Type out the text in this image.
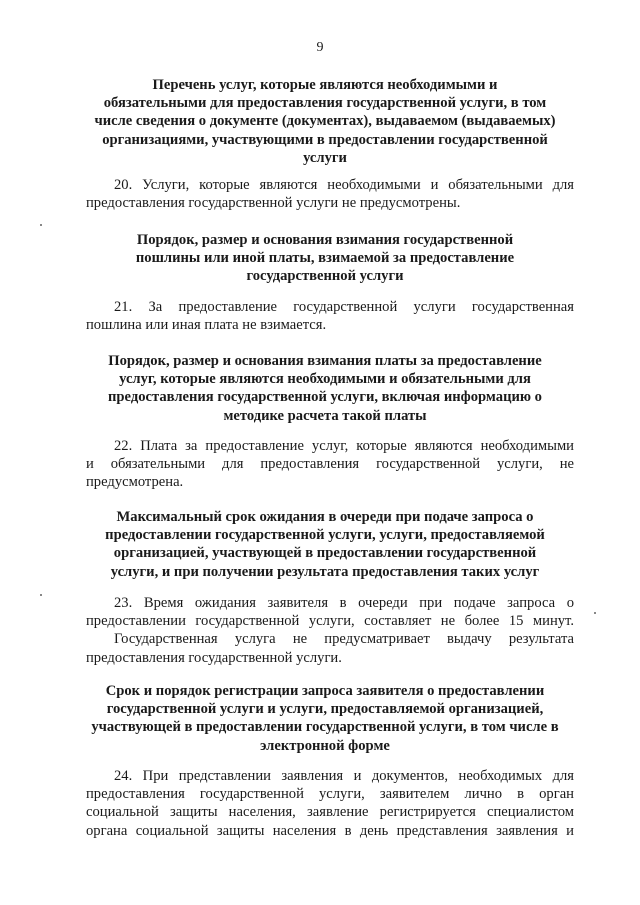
9
Перечень услуг, которые являются необходимыми и
обязательными для предоставления государственной услуги, в том
числе сведения о документе (документах), выдаваемом (выдаваемых)
организациями, участвующими в предоставлении государственной
услуги
20. Услуги, которые являются необходимыми и обязательными для
предоставления государственной услуги не предусмотрены.
Порядок, размер и основания взимания государственной
пошлины или иной платы, взимаемой за предоставление
государственной услуги
21. За предоставление государственной услуги государственная
пошлина или иная плата не взимается.
Порядок, размер и основания взимания платы за предоставление
услуг, которые являются необходимыми и обязательными для
предоставления государственной услуги, включая информацию о
методике расчета такой платы
22. Плата за предоставление услуг, которые являются необходимыми
и обязательными для предоставления государственной услуги, не
предусмотрена.
Максимальный срок ожидания в очереди при подаче запроса о
предоставлении государственной услуги, услуги, предоставляемой
организацией, участвующей в предоставлении государственной
услуги, и при получении результата предоставления таких услуг
23. Время ожидания заявителя в очереди при подаче запроса о
предоставлении государственной услуги, составляет не более 15 минут.
Государственная услуга не предусматривает выдачу результата
предоставления государственной услуги.
Срок и порядок регистрации запроса заявителя о предоставлении
государственной услуги и услуги, предоставляемой организацией,
участвующей в предоставлении государственной услуги, в том числе в
электронной форме
24. При представлении заявления и документов, необходимых для
предоставления государственной услуги, заявителем лично в орган
социальной защиты населения, заявление регистрируется специалистом
органа социальной защиты населения в день представления заявления и
